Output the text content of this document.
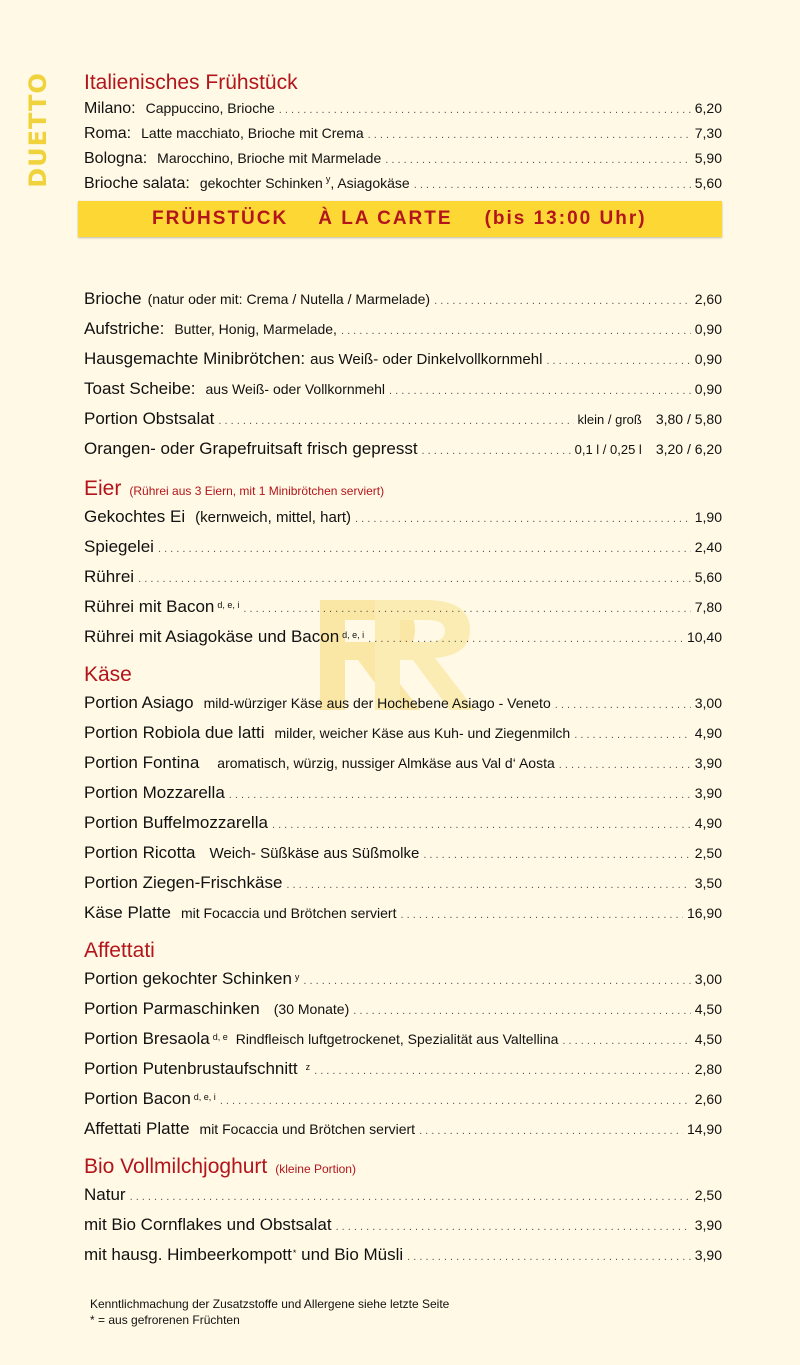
DUETTO
FRÜHSTÜCK À LA CARTE (bis 13:00 Uhr)
Italienisches Frühstück
Milano: Cappuccino, Brioche . . .	6,20
Roma: Latte macchiato, Brioche mit Crema . . .	7,30
Bologna: Marocchino, Brioche mit Marmelade . . .	5,90
Brioche salata: gekochter Schinken $^y$, Asiagokäse . . .	5,60
Brioche (natur oder mit: Crema / Nutella / Marmelade) . . .	2,60
Aufstriche: Butter, Honig, Marmelade, . . .	0,90
Hausgemachte Minibrötchen: aus Weiß- oder Dinkelvollkornmehl . . .	0,90
Toast Scheibe: aus Weiß- oder Vollkornmehl . . .	0,90
Portion Obstsalat . . .	klein / groß 3,80 / 5,80
Orangen- oder Grapefruitsaft frisch gepresst . . .	0,1 l / 0,25 l 3,20 / 6,20
Eier (Rührei aus 3 Eiern, mit 1 Minibrötchen serviert)
Gekochtes Ei (kernweich, mittel, hart) . . .	1,90
Spiegelei . . .	2,40
Rührei . . .	5,60
Rührei mit Bacon d, e, i . . .	7,80
Rührei mit Asiagokäse und Bacon d, e, i . . .	10,40
Käse
Portion Asiago mild-würziger Käse aus der Hochebene Asiago - Veneto . . .	3,00
Portion Robiola due latti milder, weicher Käse aus Kuh- und Ziegenmilch . . .	4,90
Portion Fontina aromatisch, würzig, nussiger Almkäse aus Val d‘ Aosta . . .	3,90
Portion Mozzarella . . .	3,90
Portion Buffelmozzarella . . .	4,90
Portion Ricotta Weich- Süßkäse aus Süßmolke . . .	2,50
Portion Ziegen-Frischkäse . . .	3,50
Käse Platte mit Focaccia und Brötchen serviert . . .	16,90
Affettati
Portion gekochter Schinken y . . .	3,00
Portion Parmaschinken (30 Monate) . . .	4,50
Portion Bresaola d, e Rindfleisch luftgetrockenet, Spezialität aus Valtellina . . .	4,50
Portion Putenbrustaufschnitt z . . .	2,80
Portion Bacon d, e, i . . .	2,60
Affettati Platte mit Focaccia und Brötchen serviert . . .	14,90
Bio Vollmilchjoghurt (kleine Portion)
Natur . . .	2,50
mit Bio Cornflakes und Obstsalat . . .	3,90
mit hausg. Himbeerkompott * und Bio Müsli . . .	3,90
Kenntlichmachung der Zusatzstoffe und Allergene siehe letzte Seite
* = aus gefrorenen Früchten
